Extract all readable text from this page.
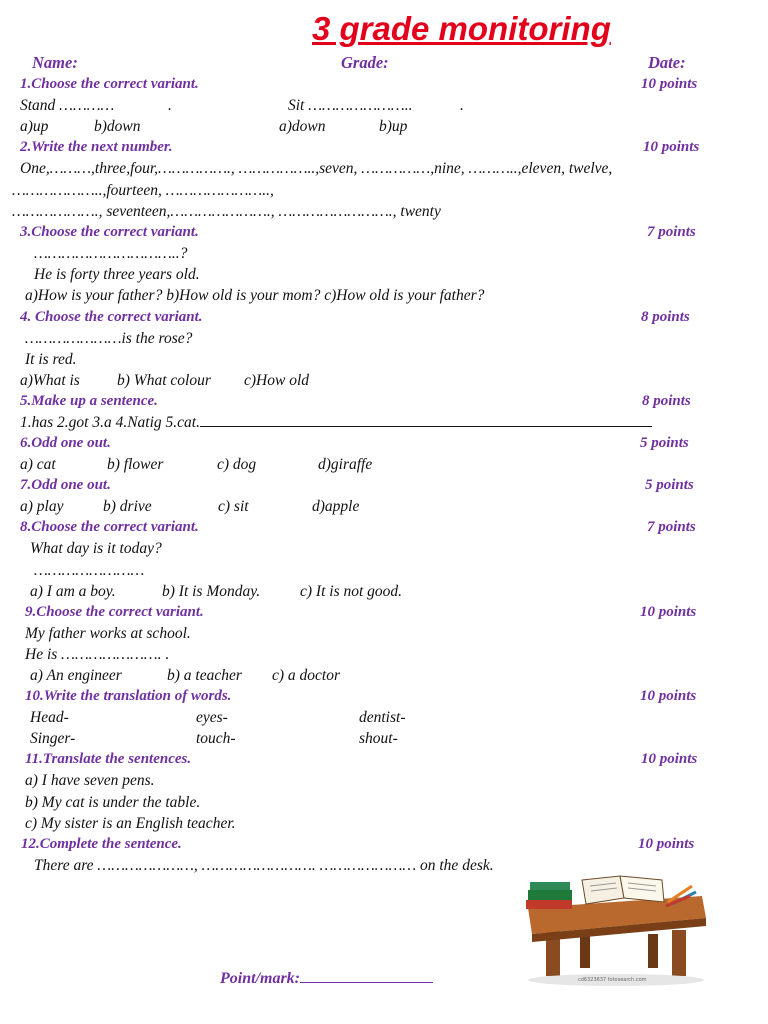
3 grade monitoring
Name:	Grade:	Date:
1.Choose the correct variant.	10 points
Stand …………	.	Sit …………………..	.
a)up	b)down	a)down	b)up
2.Write the next number.	10 points
One,………,three,four,……………., ……………..,seven, ……………,nine, ………..,eleven, twelve,
………………..,fourteen, …………………..,
………………., seventeen,…………………., ……………………., twenty
3.Choose the correct variant.	7 points
…………………………..?
He is forty three years old.
a)How is your father? b)How old is your mom? c)How old is your father?
4. Choose the correct variant.	8 points
…………………is the rose?
It is red.
a)What is b) What colour c)How old
5.Make up a sentence.	8 points
1.has 2.got 3.a 4.Natig 5.cat.
6.Odd one out.	5 points
a) cat	b) flower	c) dog	d)giraffe
7.Odd one out.	5 points
a) play	b) drive	c) sit	d)apple
8.Choose the correct variant.	7 points
What day is it today?
……………………
a) I am a boy.	b) It is Monday.	c) It is not good.
9.Choose the correct variant.	10 points
My father works at school.
He is …………………. .
a) An engineer	b) a teacher c) a doctor
10.Write the translation of words.	10 points
Head-	eyes-	dentist-
Singer-	touch-	shout-
11.Translate the sentences.	10 points
a) I have seven pens.
b) My cat is under the table.
c) My sister is an English teacher.
12.Complete the sentence.	10 points
There are …………………, ……………………. ………………… on the desk.
cd6323637 fotosearch.com
Point/mark:
